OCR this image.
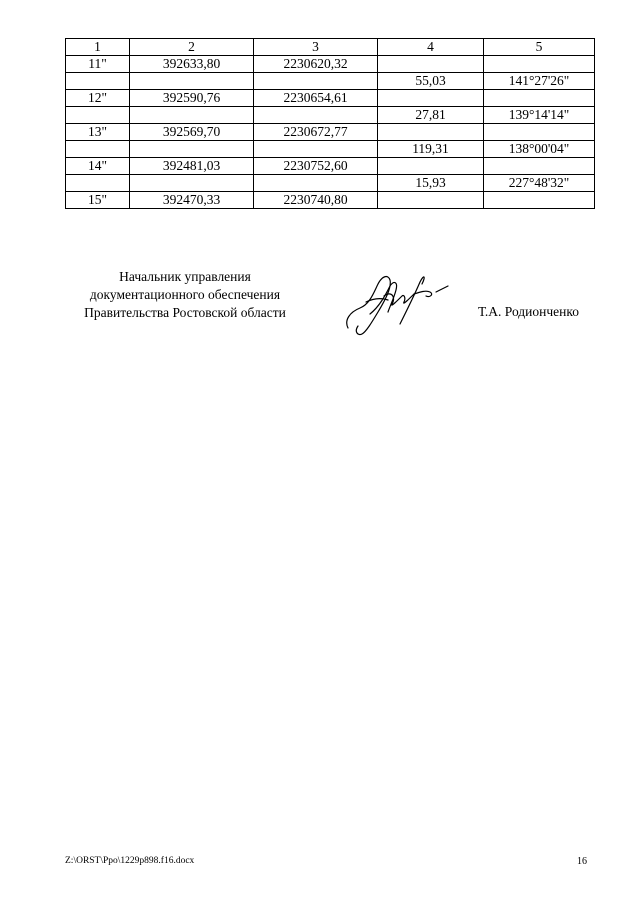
1	2	3	4	5
11"	392633,80	2230620,32		
			55,03	141°27'26"
12"	392590,76	2230654,61		
			27,81	139°14'14"
13"	392569,70	2230672,77		
			119,31	138°00'04"
14"	392481,03	2230752,60		
			15,93	227°48'32"
15"	392470,33	2230740,80		
Начальник управления
документационного обеспечения
Правительства Ростовской области	Т.А. Родионченко
Z:\ORST\Ppo\1229p898.f16.docx	16
